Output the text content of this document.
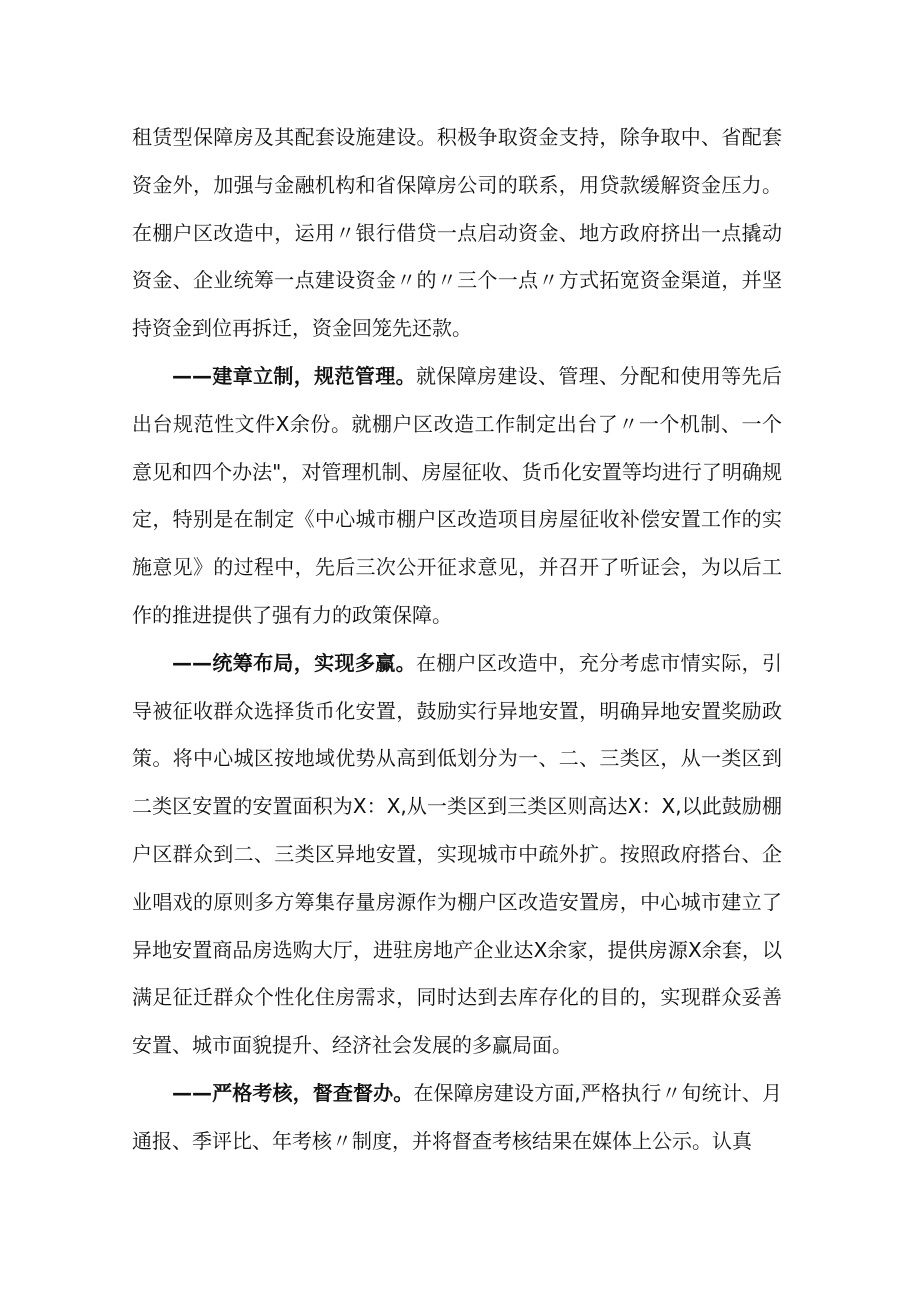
租赁型保障房及其配套设施建设。积极争取资金支持，除争取中、省配套资金外，加强与金融机构和省保障房公司的联系，用贷款缓解资金压力。在棚户区改造中，运用〃银行借贷一点启动资金、地方政府挤出一点撬动资金、企业统筹一点建设资金〃的〃三个一点〃方式拓宽资金渠道，并坚持资金到位再拆迁，资金回笼先还款。

——建章立制，规范管理。就保障房建设、管理、分配和使用等先后出台规范性文件X余份。就棚户区改造工作制定出台了〃一个机制、一个意见和四个办法"，对管理机制、房屋征收、货币化安置等均进行了明确规定，特别是在制定《中心城市棚户区改造项目房屋征收补偿安置工作的实施意见》的过程中，先后三次公开征求意见，并召开了听证会，为以后工作的推进提供了强有力的政策保障。

——统筹布局，实现多赢。在棚户区改造中，充分考虑市情实际，引导被征收群众选择货币化安置，鼓励实行异地安置，明确异地安置奖励政策。将中心城区按地域优势从高到低划分为一、二、三类区，从一类区到二类区安置的安置面积为X：X,从一类区到三类区则高达X：X,以此鼓励棚户区群众到二、三类区异地安置，实现城市中疏外扩。按照政府搭台、企业唱戏的原则多方筹集存量房源作为棚户区改造安置房，中心城市建立了异地安置商品房选购大厅，进驻房地产企业达X余家，提供房源X余套，以满足征迁群众个性化住房需求，同时达到去库存化的目的，实现群众妥善安置、城市面貌提升、经济社会发展的多赢局面。

——严格考核，督查督办。在保障房建设方面,严格执行〃旬统计、月通报、季评比、年考核〃制度，并将督查考核结果在媒体上公示。认真
